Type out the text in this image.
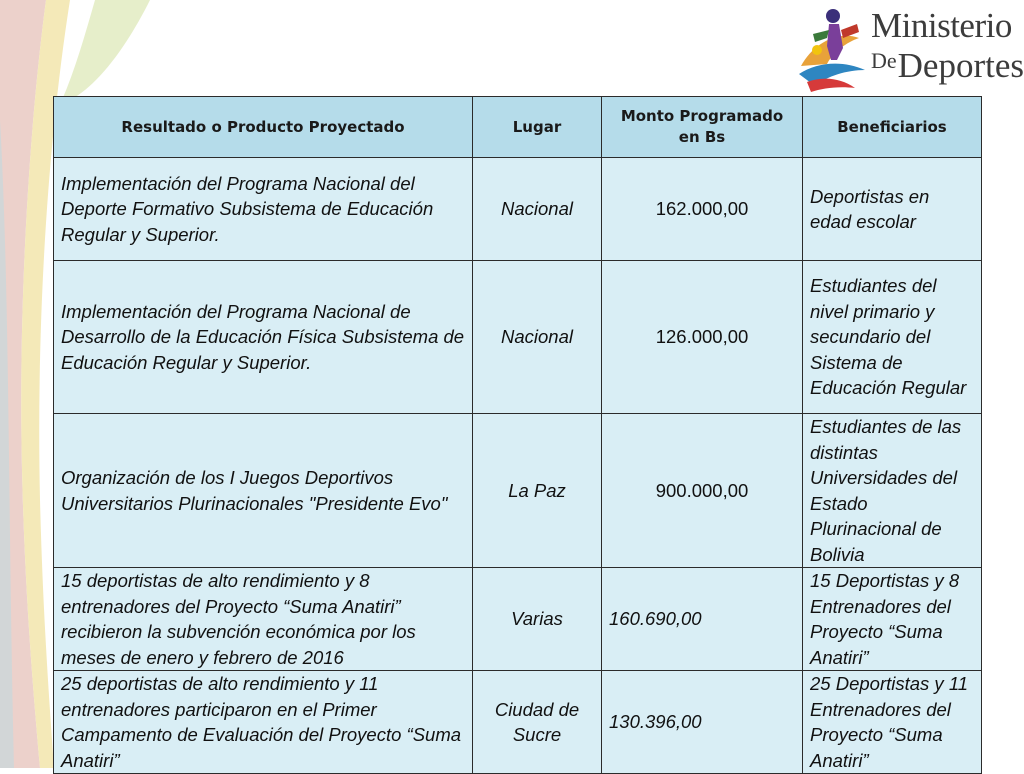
Ministerio
$^{De}$Deportes
Resultado o Producto Proyectado	Lugar	Monto Programado en Bs	Beneficiarios
Implementación del Programa Nacional del Deporte Formativo Subsistema de Educación Regular y Superior.	Nacional	162.000,00	Deportistas en edad escolar
Implementación del Programa Nacional de Desarrollo de la Educación Física Subsistema de Educación Regular y Superior.	Nacional	126.000,00	Estudiantes del nivel primario y secundario del Sistema de Educación Regular
Organización de los I Juegos Deportivos Universitarios Plurinacionales "Presidente Evo"	La Paz	900.000,00	Estudiantes de las distintas Universidades del Estado Plurinacional de Bolivia
15 deportistas de alto rendimiento y 8 entrenadores del Proyecto “Suma Anatiri” recibieron la subvención económica por los meses de enero y febrero de 2016	Varias	160.690,00	15 Deportistas y 8 Entrenadores del Proyecto “Suma Anatiri”
25 deportistas de alto rendimiento y 11 entrenadores participaron en el Primer Campamento de Evaluación del Proyecto “Suma Anatiri”	Ciudad de Sucre	130.396,00	25 Deportistas y 11 Entrenadores del Proyecto “Suma Anatiri”
